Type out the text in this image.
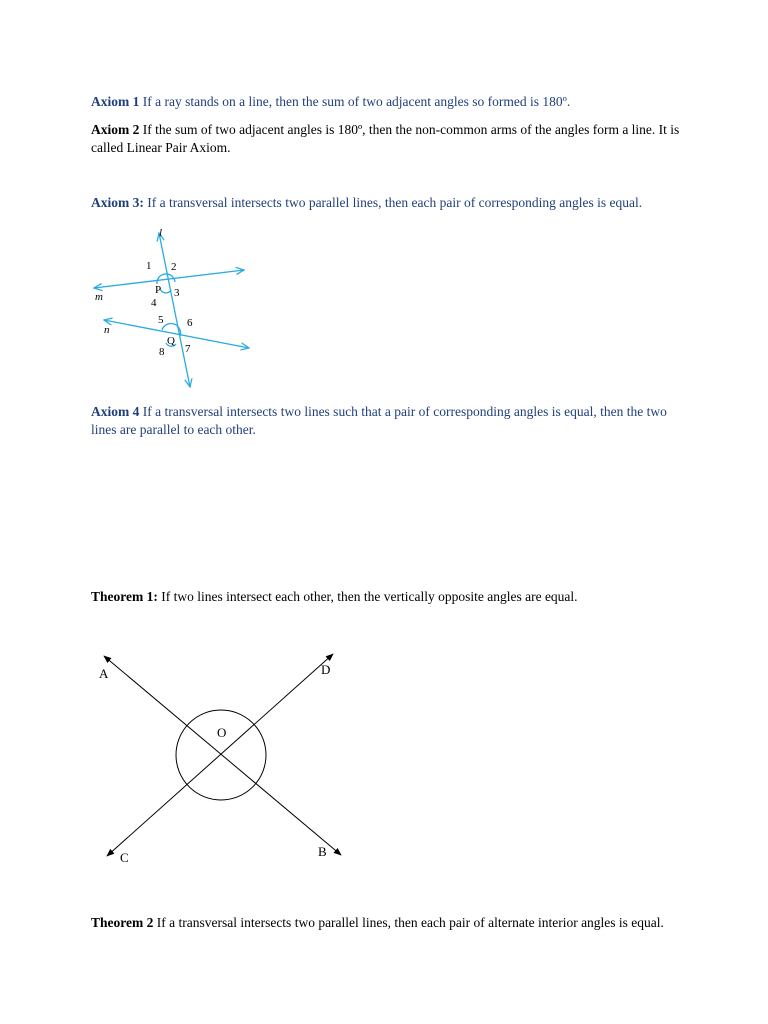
Axiom 1 If a ray stands on a line, then the sum of two adjacent angles so formed is 180º.

Axiom 2 If the sum of two adjacent angles is 180º, then the non-common arms of the angles form a line. It is called Linear Pair Axiom.

Axiom 3: If a transversal intersects two parallel lines, then each pair of corresponding angles is equal.

l
m
n
P
Q
1 2
3
4
5 6
7
8
A
B
C
D
O

Axiom 4 If a transversal intersects two lines such that a pair of corresponding angles is equal, then the two lines are parallel to each other.

Theorem 1: If two lines intersect each other, then the vertically opposite angles are equal.

Theorem 2 If a transversal intersects two parallel lines, then each pair of alternate interior angles is equal.
